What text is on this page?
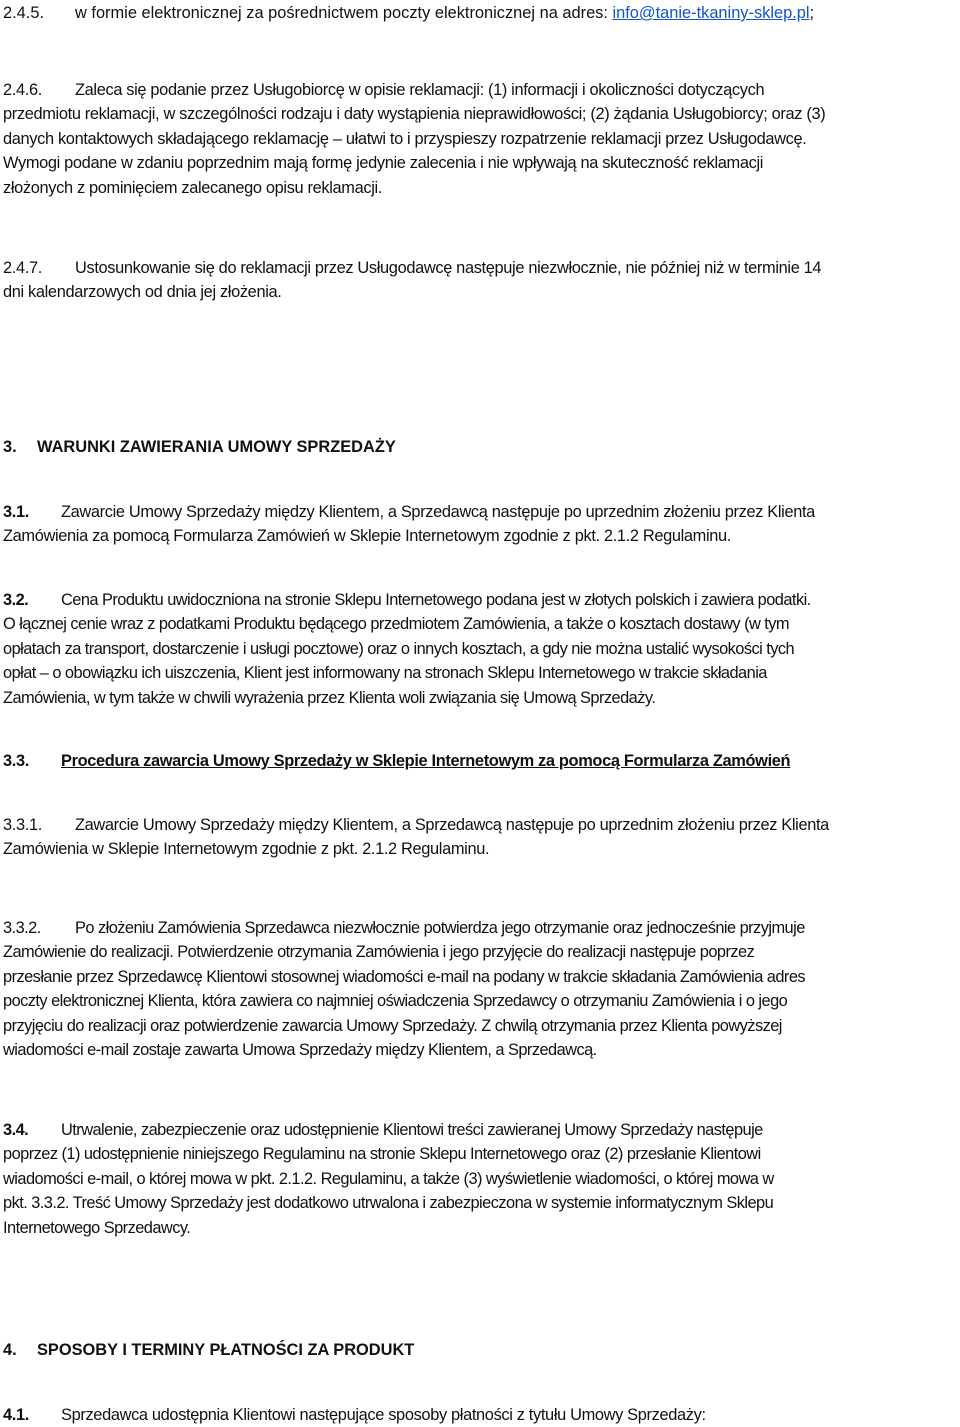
2.4.5. w formie elektronicznej za pośrednictwem poczty elektronicznej na adres: info@tanie-tkaniny-sklep.pl;
2.4.6. Zaleca się podanie przez Usługobiorcę w opisie reklamacji: (1) informacji i okoliczności dotyczących
przedmiotu reklamacji, w szczególności rodzaju i daty wystąpienia nieprawidłowości; (2) żądania Usługobiorcy; oraz (3)
danych kontaktowych składającego reklamację – ułatwi to i przyspieszy rozpatrzenie reklamacji przez Usługodawcę.
Wymogi podane w zdaniu poprzednim mają formę jedynie zalecenia i nie wpływają na skuteczność reklamacji
złożonych z pominięciem zalecanego opisu reklamacji.
2.4.7. Ustosunkowanie się do reklamacji przez Usługodawcę następuje niezwłocznie, nie później niż w terminie 14
dni kalendarzowych od dnia jej złożenia.
3. WARUNKI ZAWIERANIA UMOWY SPRZEDAŻY
3.1. Zawarcie Umowy Sprzedaży między Klientem, a Sprzedawcą następuje po uprzednim złożeniu przez Klienta
Zamówienia za pomocą Formularza Zamówień w Sklepie Internetowym zgodnie z pkt. 2.1.2 Regulaminu.
3.2. Cena Produktu uwidoczniona na stronie Sklepu Internetowego podana jest w złotych polskich i zawiera podatki.
O łącznej cenie wraz z podatkami Produktu będącego przedmiotem Zamówienia, a także o kosztach dostawy (w tym
opłatach za transport, dostarczenie i usługi pocztowe) oraz o innych kosztach, a gdy nie można ustalić wysokości tych
opłat – o obowiązku ich uiszczenia, Klient jest informowany na stronach Sklepu Internetowego w trakcie składania
Zamówienia, w tym także w chwili wyrażenia przez Klienta woli związania się Umową Sprzedaży.
3.3. Procedura zawarcia Umowy Sprzedaży w Sklepie Internetowym za pomocą Formularza Zamówień
3.3.1. Zawarcie Umowy Sprzedaży między Klientem, a Sprzedawcą następuje po uprzednim złożeniu przez Klienta
Zamówienia w Sklepie Internetowym zgodnie z pkt. 2.1.2 Regulaminu.
3.3.2. Po złożeniu Zamówienia Sprzedawca niezwłocznie potwierdza jego otrzymanie oraz jednocześnie przyjmuje
Zamówienie do realizacji. Potwierdzenie otrzymania Zamówienia i jego przyjęcie do realizacji następuje poprzez
przesłanie przez Sprzedawcę Klientowi stosownej wiadomości e-mail na podany w trakcie składania Zamówienia adres
poczty elektronicznej Klienta, która zawiera co najmniej oświadczenia Sprzedawcy o otrzymaniu Zamówienia i o jego
przyjęciu do realizacji oraz potwierdzenie zawarcia Umowy Sprzedaży. Z chwilą otrzymania przez Klienta powyższej
wiadomości e-mail zostaje zawarta Umowa Sprzedaży między Klientem, a Sprzedawcą.
3.4. Utrwalenie, zabezpieczenie oraz udostępnienie Klientowi treści zawieranej Umowy Sprzedaży następuje
poprzez (1) udostępnienie niniejszego Regulaminu na stronie Sklepu Internetowego oraz (2) przesłanie Klientowi
wiadomości e-mail, o której mowa w pkt. 2.1.2. Regulaminu, a także (3) wyświetlenie wiadomości, o której mowa w
pkt. 3.3.2. Treść Umowy Sprzedaży jest dodatkowo utrwalona i zabezpieczona w systemie informatycznym Sklepu
Internetowego Sprzedawcy.
4. SPOSOBY I TERMINY PŁATNOŚCI ZA PRODUKT
4.1. Sprzedawca udostępnia Klientowi następujące sposoby płatności z tytułu Umowy Sprzedaży:
